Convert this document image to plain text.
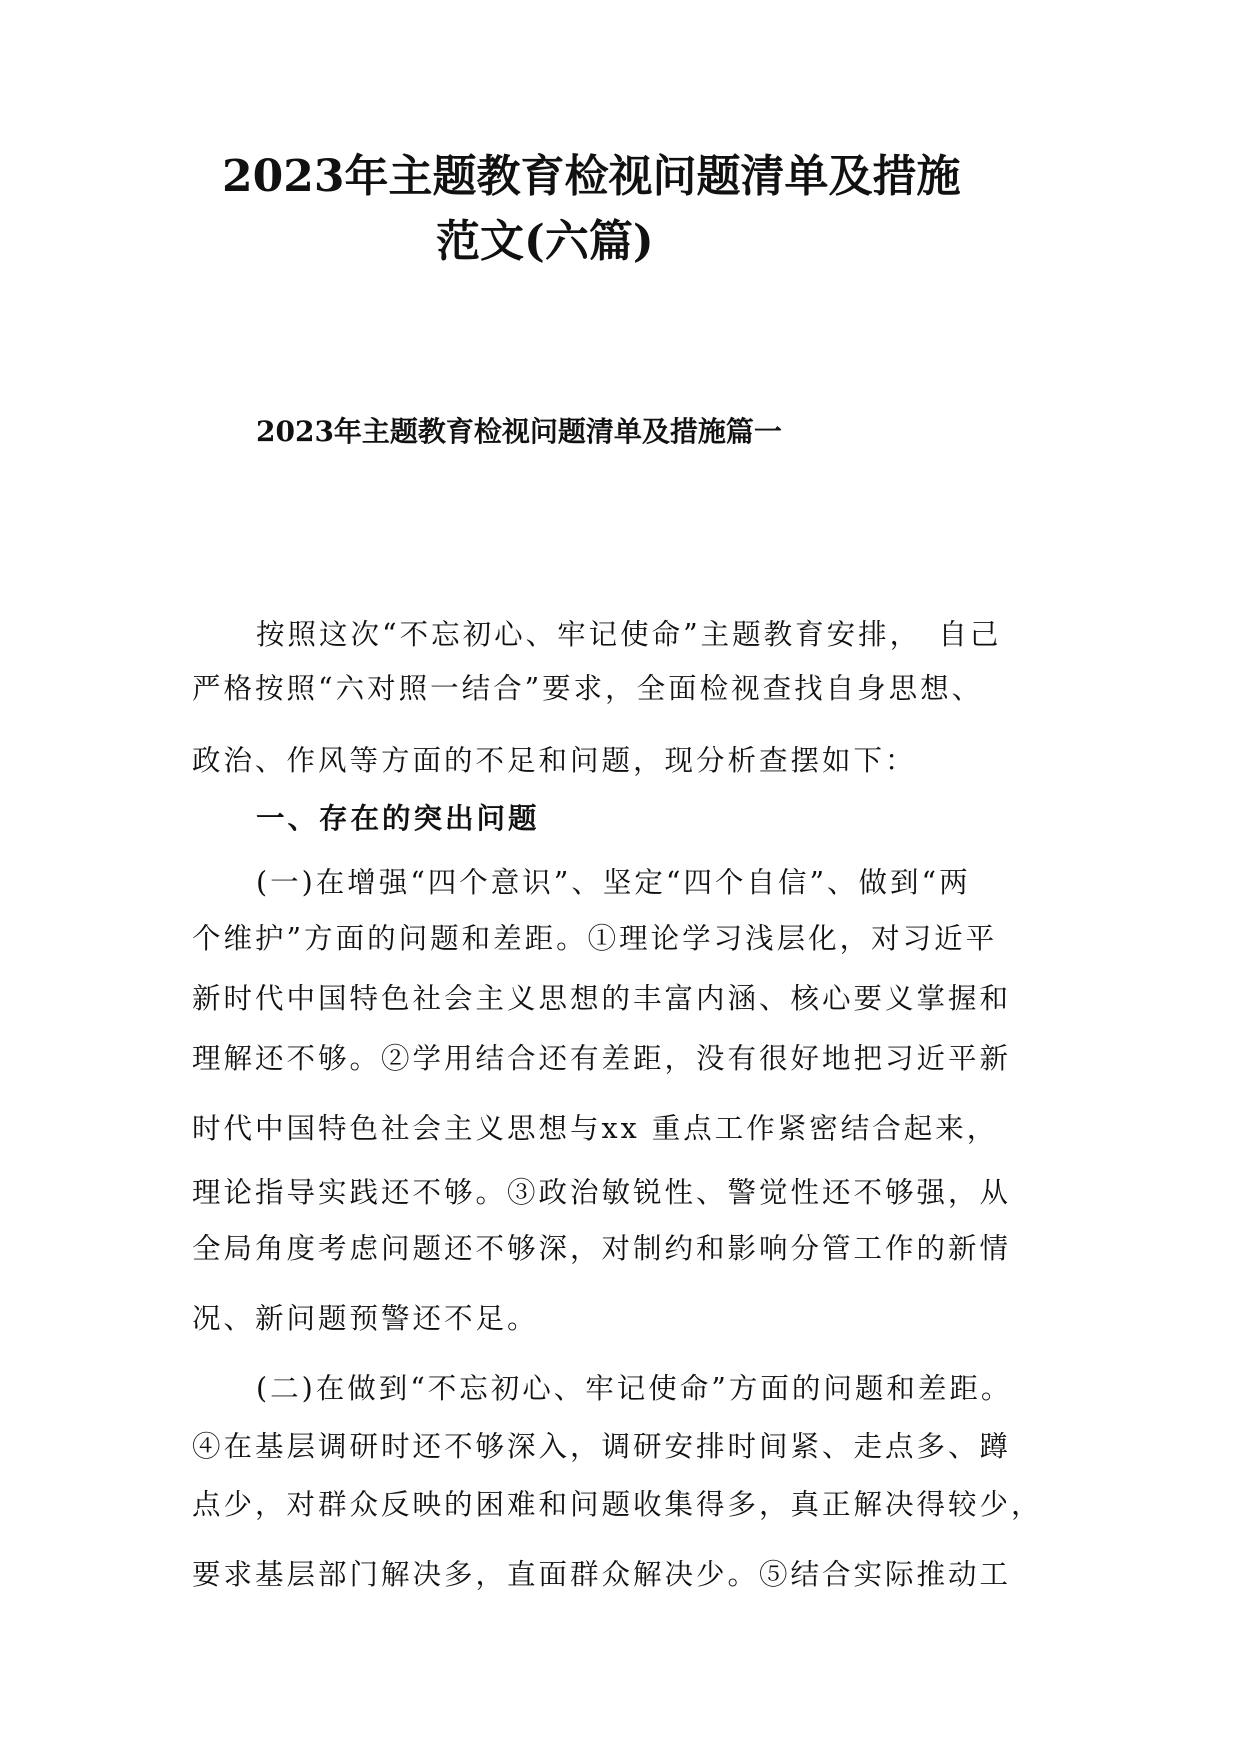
2023年主题教育检视问题清单及措施
范文(六篇)
2023年主题教育检视问题清单及措施篇一
按照这次“不忘初心、牢记使命”主题教育安排，　自己
严格按照“六对照一结合”要求，全面检视查找自身思想、
政治、作风等方面的不足和问题，现分析查摆如下：
一、存在的突出问题
(一)在增强“四个意识”、坚定“四个自信”、做到“两
个维护”方面的问题和差距。①理论学习浅层化，对习近平
新时代中国特色社会主义思想的丰富内涵、核心要义掌握和
理解还不够。②学用结合还有差距，没有很好地把习近平新
时代中国特色社会主义思想与xx 重点工作紧密结合起来，
理论指导实践还不够。③政治敏锐性、警觉性还不够强，从
全局角度考虑问题还不够深，对制约和影响分管工作的新情
况、新问题预警还不足。
(二)在做到“不忘初心、牢记使命”方面的问题和差距。
④在基层调研时还不够深入，调研安排时间紧、走点多、蹲
点少，对群众反映的困难和问题收集得多，真正解决得较少，
要求基层部门解决多，直面群众解决少。⑤结合实际推动工
